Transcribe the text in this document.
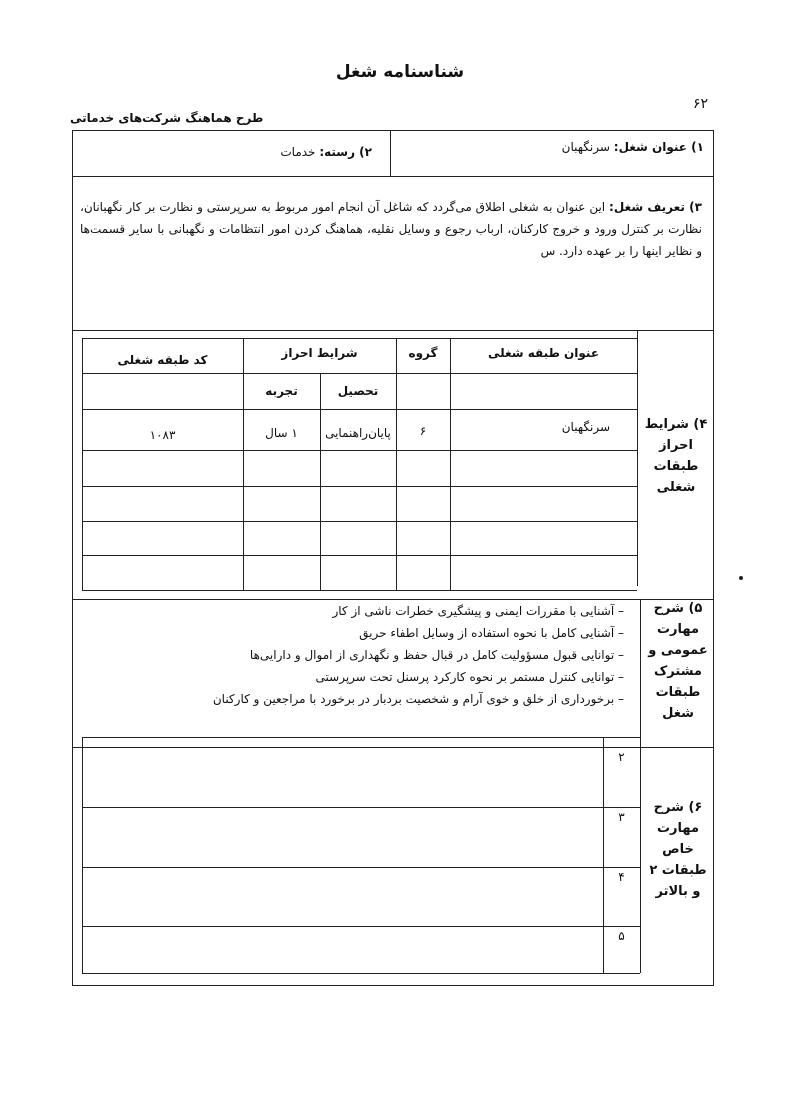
شناسنامه شغل
۶۲
طرح هماهنگ شرکت‌های خدماتی
۱) عنوان شغل: سرنگهبان
۲) رسته: خدمات
۳) تعریف شغل: این عنوان به شغلی اطلاق می‌گردد که شاغل آن انجام امور مربوط به سرپرستی و نظارت بر کار نگهبانان، نظارت بر کنترل ورود و خروج کارکنان، ارباب رجوع و وسایل نقلیه، هماهنگ کردن امور انتظامات و نگهبانی با سایر قسمت‌ها و نظایر اینها را بر عهده دارد. س
۴) شرایط احراز طبقات شغلی
عنوان طبقه شغلی
گروه
شرایط احراز
کد طبقه شغلی
تحصیل
تجربه
سرنگهبان
۶
پایان‌راهنمایی
۱ سال
۱۰۸۳
۵) شرح مهارت عمومی و مشترک طبقات شغل
– آشنایی با مقررات ایمنی و پیشگیری خطرات ناشی از کار
– آشنایی کامل با نحوه استفاده از وسایل اطفاء حریق
– توانایی قبول مسؤولیت کامل در قبال حفظ و نگهداری از اموال و دارایی‌ها
– توانایی کنترل مستمر بر نحوه کارکرد پرسنل تحت سرپرستی
– برخورداری از خلق و خوی آرام و شخصیت بردبار در برخورد با مراجعین و کارکنان
۶) شرح مهارت خاص طبقات ۲ و بالاتر
۲
۳
۴
۵
